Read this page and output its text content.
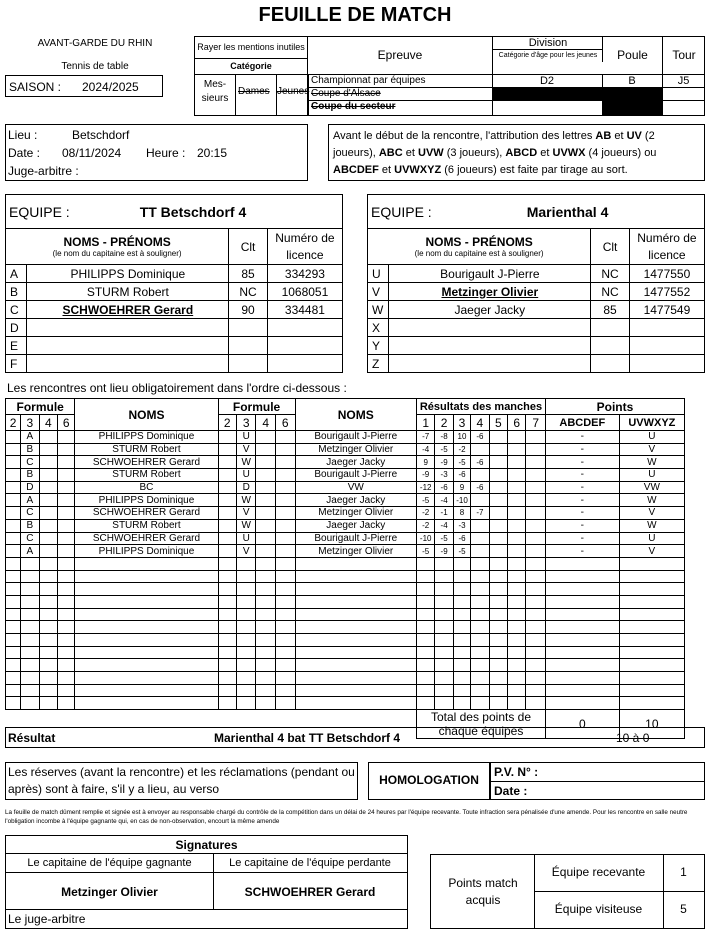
FEUILLE DE MATCH
AVANT-GARDE DU RHIN
Tennis de table
SAISON : 2024/2025
Rayer les mentions inutiles
Catégorie
Mes-
sieurs
Dames Jeunes
Epreuve
Division
Catégorie d'âge pour les jeunes	Poule	Tour
Championnat par équipes
Coupe d'Alsace
Coupe du secteur
D2	B	J5
Lieu :	Betschdorf
Date : 08/11/2024 Heure : 20:15
Juge-arbitre :
Avant le début de la rencontre, l'attribution des lettres AB et UV (2 joueurs), ABC et UVW (3 joueurs), ABCD et UVWX (4 joueurs) ou ABCDEF et UVWXYZ (6 joueurs) est faite par tirage au sort.
EQUIPE : TT Betschdorf 4			

NOMS - PRÉNOMS
(le nom du capitaine est à souligner)		Clt	Numéro de licence
A	PHILIPPS Dominique	85	334293
B	STURM Robert	NC	1068051
C	SCHWOEHRER Gerard	90	334481
D			
E			
F			
EQUIPE : Marienthal 4			

NOMS - PRÉNOMS
(le nom du capitaine est à souligner)		Clt	Numéro de licence
U	Bourigault J-Pierre	NC	1477550
V	Metzinger Olivier	NC	1477552
W	Jaeger Jacky	85	1477549
X			
Y			
Z			
Les rencontres ont lieu obligatoirement dans l'ordre ci-dessous :
Formule				NOMS	Formule				NOMS	Résultats des manches							Points	
2	3	4	6		2	3	4	6		1	2	3	4	5	6	7	ABCDEF	UVWXYZ
	A			PHILIPPS Dominique		U			Bourigault J-Pierre	-7	-8	10	-6				-	U
	B			STURM Robert		V			Metzinger Olivier	-4	-5	-2					-	V
	C			SCHWOEHRER Gerard		W			Jaeger Jacky	9	-9	-5	-6				-	W
	B			STURM Robert		U			Bourigault J-Pierre	-9	-3	-6					-	U
	D			BC		D			VW	-12	-6	9	-6				-	VW
	A			PHILIPPS Dominique		W			Jaeger Jacky	-5	-4	-10					-	W
	C			SCHWOEHRER Gerard		V			Metzinger Olivier	-2	-1	8	-7				-	V
	B			STURM Robert		W			Jaeger Jacky	-2	-4	-3					-	W
	C			SCHWOEHRER Gerard		U			Bourigault J-Pierre	-10	-5	-6					-	U
	A			PHILIPPS Dominique		V			Metzinger Olivier	-5	-9	-5					-	V

										Total des points de chaque équipes							0	10
Résultat	Marienthal 4 bat TT Betschdorf 4	10 à 0
Les réserves (avant la rencontre) et les réclamations (pendant ou après) sont à faire, s'il y a lieu, au verso
HOMOLOGATION
P.V. N° :
Date :
La feuille de match dûment remplie et signée est à envoyer au responsable chargé du contrôle de la compétition dans un délai de 24 heures par l'équipe recevante. Toute infraction sera pénalisée d'une amende. Pour les rencontre en salle neutre l'obligation incombe à l'équipe gagnante qui, en cas de non-observation, encourt la même amende
Signatures
Le capitaine de l'équipe gagnante	Le capitaine de l'équipe perdante
Metzinger Olivier	SCHWOEHRER Gerard
Le juge-arbitre
Points match acquis
Équipe recevante	1
Équipe visiteuse	5
